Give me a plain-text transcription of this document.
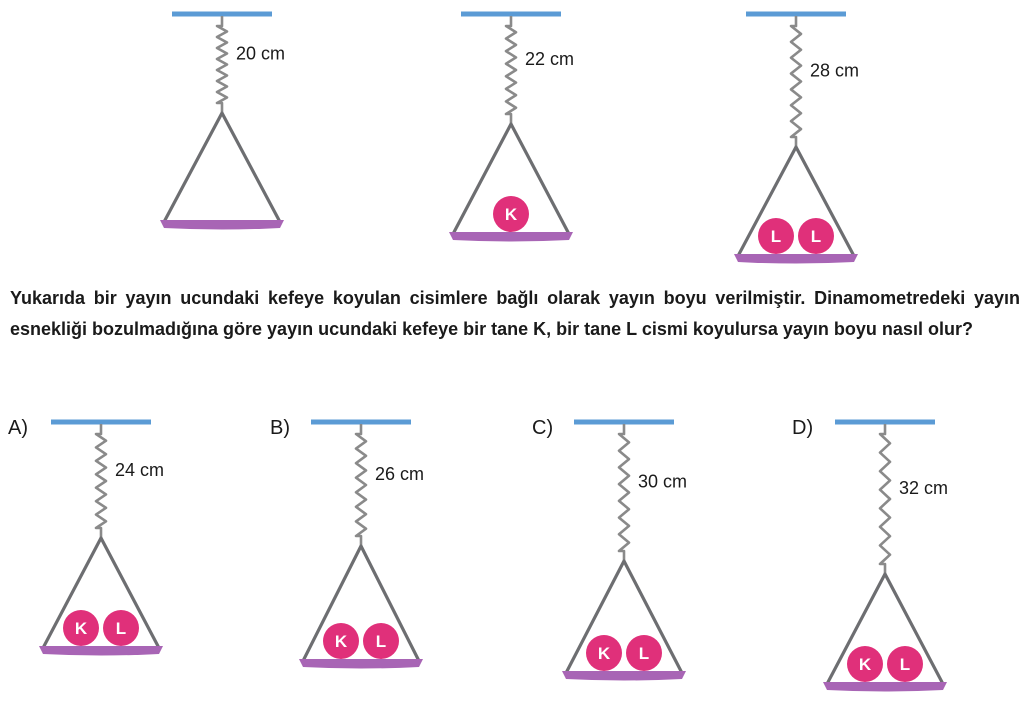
20 cm	22 cm
K
28 cm
L L
24 cm
K L
26 cm
K L
30 cm
K L
32 cm
K L
Yukarıda bir yayın ucundaki kefeye koyulan cisimlere bağlı olarak yayın boyu verilmiştir. Dinamometredeki yayın esnekliği bozulmadığına göre yayın ucundaki kefeye bir tane K, bir tane L cismi koyulursa yayın boyu nasıl olur?
A)	B)	C)	D)
